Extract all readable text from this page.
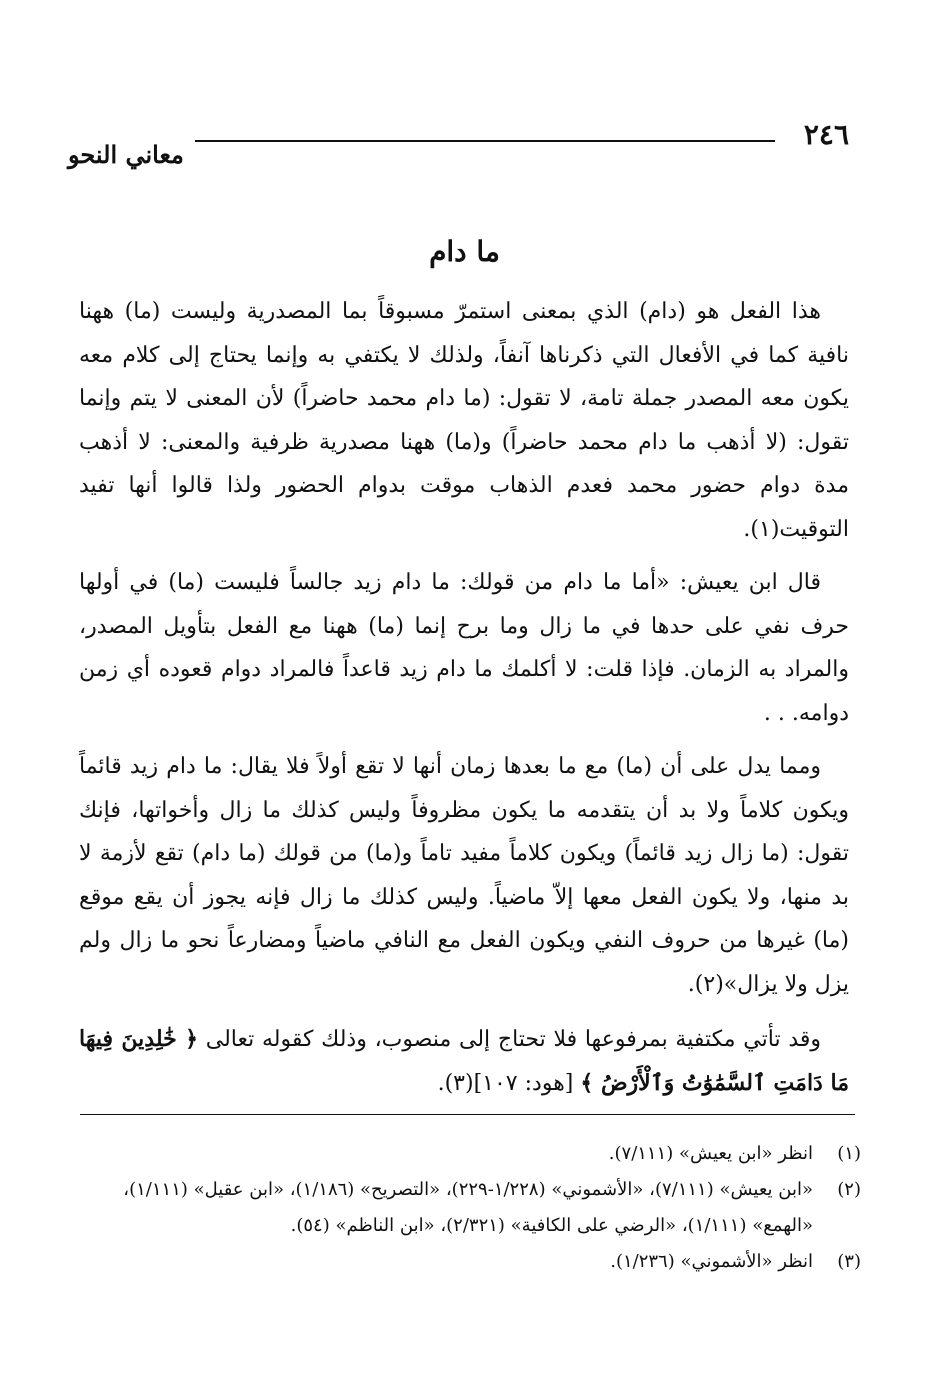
٢٤٦
معاني النحو
ما دام

هذا الفعل هو (دام) الذي بمعنى استمرّ مسبوقاً بما المصدرية وليست (ما) ههنا نافية كما في الأفعال التي ذكرناها آنفاً، ولذلك لا يكتفي به وإنما يحتاج إلى كلام معه يكون معه المصدر جملة تامة، لا تقول: (ما دام محمد حاضراً) لأن المعنى لا يتم وإنما تقول: (لا أذهب ما دام محمد حاضراً) و(ما) ههنا مصدرية ظرفية والمعنى: لا أذهب مدة دوام حضور محمد فعدم الذهاب موقت بدوام الحضور ولذا قالوا أنها تفيد التوقيت(١).

قال ابن يعيش: «أما ما دام من قولك: ما دام زيد جالساً فليست (ما) في أولها حرف نفي على حدها في ما زال وما برح إنما (ما) ههنا مع الفعل بتأويل المصدر، والمراد به الزمان. فإذا قلت: لا أكلمك ما دام زيد قاعداً فالمراد دوام قعوده أي زمن دوامه. . .

ومما يدل على أن (ما) مع ما بعدها زمان أنها لا تقع أولاً فلا يقال: ما دام زيد قائماً ويكون كلاماً ولا بد أن يتقدمه ما يكون مظروفاً وليس كذلك ما زال وأخواتها، فإنك تقول: (ما زال زيد قائماً) ويكون كلاماً مفيد تاماً و(ما) من قولك (ما دام) تقع لأزمة لا بد منها، ولا يكون الفعل معها إلاّ ماضياً. وليس كذلك ما زال فإنه يجوز أن يقع موقع (ما) غيرها من حروف النفي ويكون الفعل مع النافي ماضياً ومضارعاً نحو ما زال ولم يزل ولا يزال»(٢).

وقد تأتي مكتفية بمرفوعها فلا تحتاج إلى منصوب، وذلك كقوله تعالى ﴿ خَٰلِدِينَ فِيهَا مَا دَامَتِ ٱلسَّمَٰوَٰتُ وَٱلْأَرْضُ ﴾ [هود: ١٠٧](٣).

(١)
انظر «ابن يعيش» (٧/١١١).
(٢)
«ابن يعيش» (٧/١١١)، «الأشموني» (١/٢٢٨-٢٢٩)، «التصريح» (١/١٨٦)، «ابن عقيل» (١/١١١)، «الهمع» (١/١١١)، «الرضي على الكافية» (٢/٣٢١)، «ابن الناظم» (٥٤).
(٣)
انظر «الأشموني» (١/٢٣٦).
